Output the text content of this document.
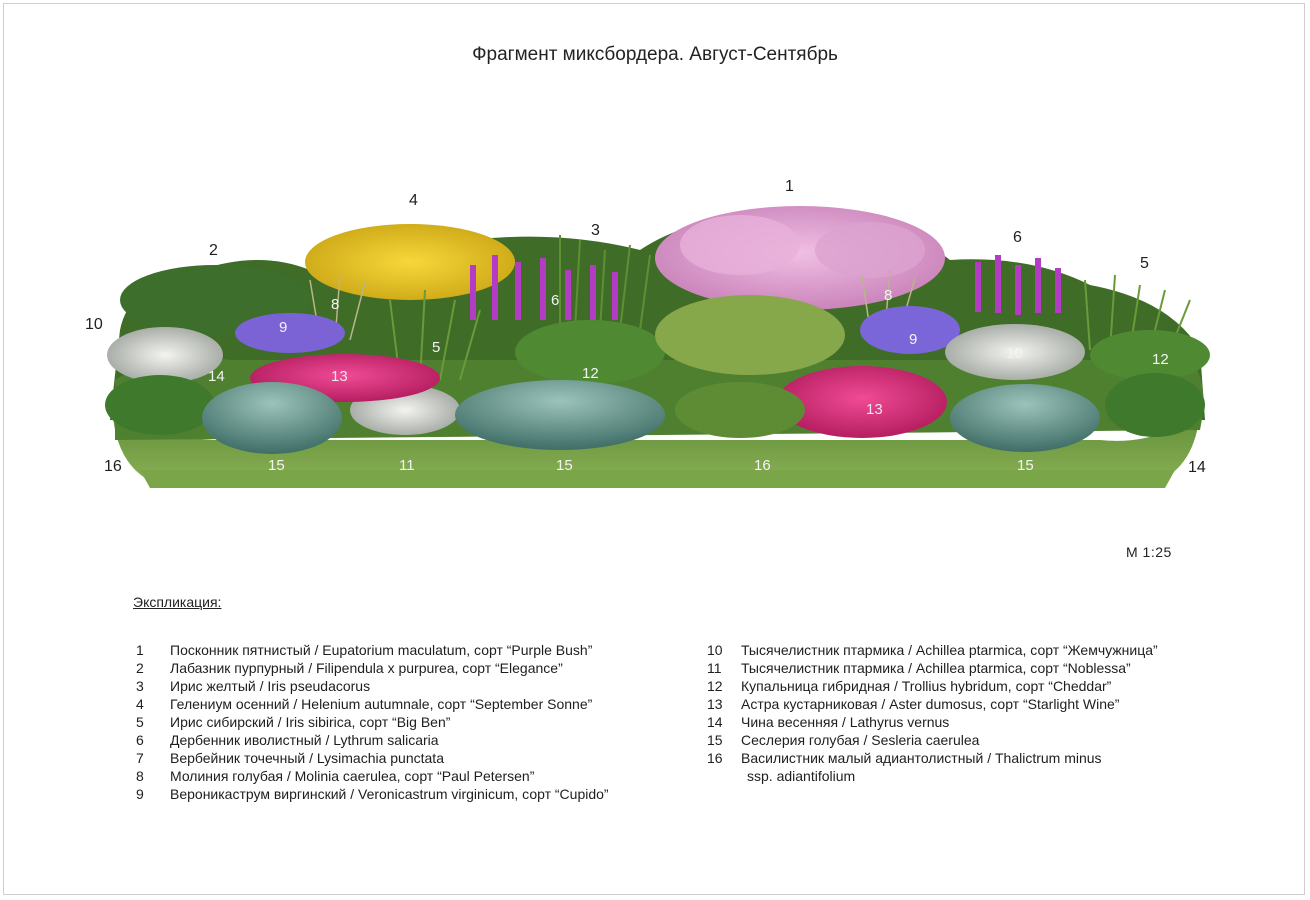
Фрагмент миксбордера. Август-Сентябрь
1
2
3
4
5
5
6
6
8
8
9
9
10
10
11
12
12
13
13
14
14
15	15	15
16	16
М 1:25
Экспликация:
1	Посконник пятнистый / Eupatorium maculatum, сорт “Purple Bush”
2	Лабазник пурпурный / Filipendula x purpurea, сорт “Elegance”
3	Ирис желтый / Iris pseudacorus
4	Гелениум осенний / Helenium autumnale, сорт “September Sonne”
5	Ирис сибирский / Iris sibirica, сорт “Big Ben”
6	Дербенник иволистный / Lythrum salicaria
7	Вербейник точечный / Lysimachia punctata
8	Молиния голубая / Molinia caerulea, сорт “Paul Petersen”
9	Вероникаструм виргинский / Veronicastrum virginicum, сорт “Cupido”
10	Тысячелистник птармика / Achillea ptarmica, сорт “Жемчужница”
11	Тысячелистник птармика / Achillea ptarmica, сорт “Noblessa”
12	Купальница гибридная / Trollius hybridum, сорт “Cheddar”
13	Астра кустарниковая / Aster dumosus, сорт “Starlight Wine”
14	Чина весенняя / Lathyrus vernus
15	Сеслерия голубая / Sesleria caerulea
16	Василистник малый адиантолистный / Thalictrum minus
ssp. adiantifolium
